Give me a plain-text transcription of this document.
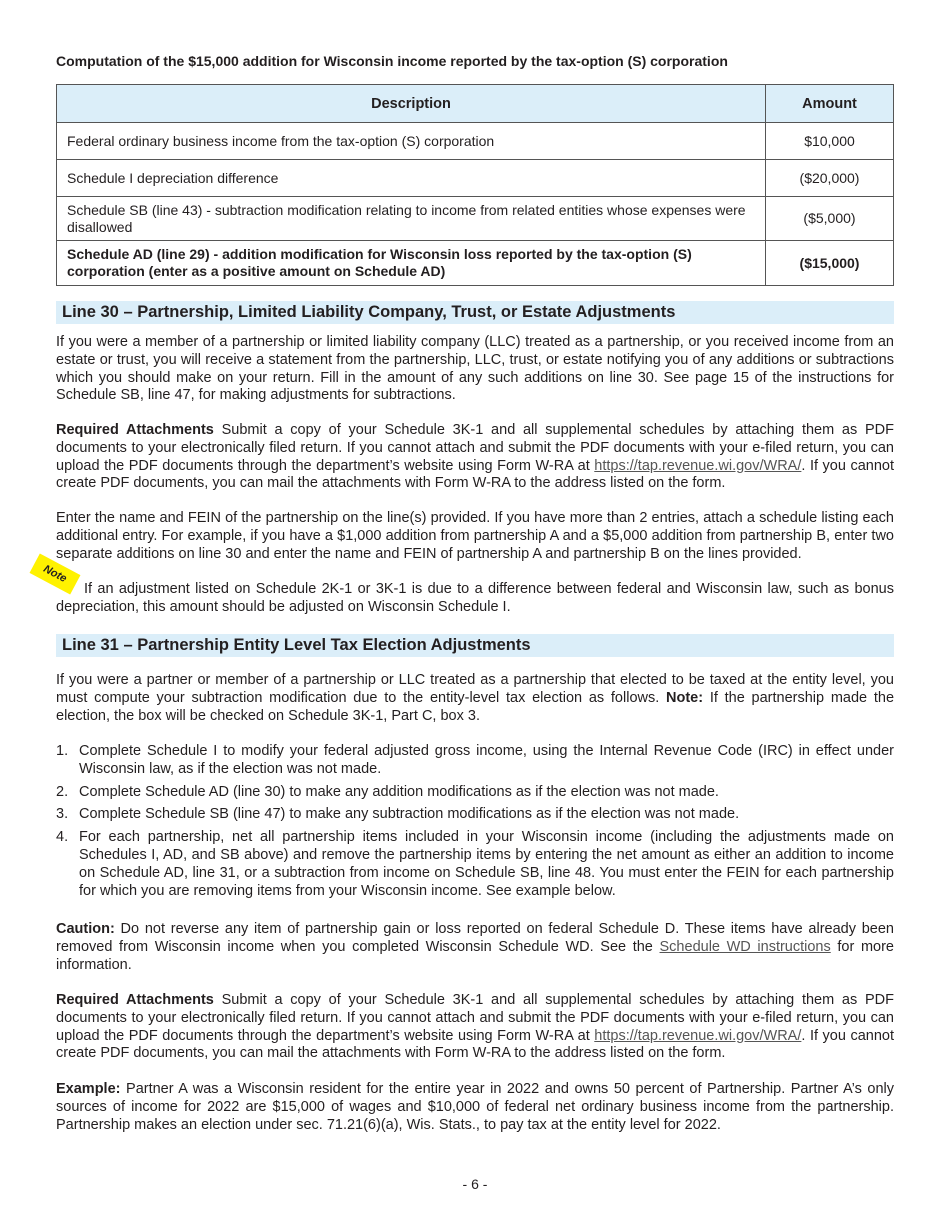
Computation of the $15,000 addition for Wisconsin income reported by the tax-option (S) corporation
Description	Amount
Federal ordinary business income from the tax-option (S) corporation	$10,000
Schedule I depreciation difference	($20,000)
Schedule SB (line 43) - subtraction modification relating to income from related entities whose expenses were disallowed	($5,000)
Schedule AD (line 29) - addition modification for Wisconsin loss reported by the tax-option (S) corporation (enter as a positive amount on Schedule AD)	($15,000)
Line 30 – Partnership, Limited Liability Company, Trust, or Estate Adjustments
If you were a member of a partnership or limited liability company (LLC) treated as a partnership, or you received income from an estate or trust, you will receive a statement from the partnership, LLC, trust, or estate notifying you of any additions or subtractions which you should make on your return. Fill in the amount of any such additions on line 30. See page 15 of the instructions for Schedule SB, line 47, for making adjustments for subtractions.
Required Attachments Submit a copy of your Schedule 3K-1 and all supplemental schedules by attaching them as PDF documents to your electronically filed return. If you cannot attach and submit the PDF documents with your e-filed return, you can upload the PDF documents through the department’s website using Form W-RA at https://tap.revenue.wi.gov/WRA/. If you cannot create PDF documents, you can mail the attachments with Form W-RA to the address listed on the form.
Enter the name and FEIN of the partnership on the line(s) provided. If you have more than 2 entries, attach a schedule listing each additional entry. For example, if you have a $1,000 addition from partnership A and a $5,000 addition from partnership B, enter two separate additions on line 30 and enter the name and FEIN of partnership A and partnership B on the lines provided.
If an adjustment listed on Schedule 2K-1 or 3K-1 is due to a difference between federal and Wisconsin law, such as bonus depreciation, this amount should be adjusted on Wisconsin Schedule I.
Line 31 – Partnership Entity Level Tax Election Adjustments
If you were a partner or member of a partnership or LLC treated as a partnership that elected to be taxed at the entity level, you must compute your subtraction modification due to the entity-level tax election as follows. Note: If the partnership made the election, the box will be checked on Schedule 3K-1, Part C, box 3.
1. Complete Schedule I to modify your federal adjusted gross income, using the Internal Revenue Code (IRC) in effect under Wisconsin law, as if the election was not made.
2. Complete Schedule AD (line 30) to make any addition modifications as if the election was not made.
3. Complete Schedule SB (line 47) to make any subtraction modifications as if the election was not made.
4. For each partnership, net all partnership items included in your Wisconsin income (including the adjustments made on Schedules I, AD, and SB above) and remove the partnership items by entering the net amount as either an addition to income on Schedule AD, line 31, or a subtraction from income on Schedule SB, line 48. You must enter the FEIN for each partnership for which you are removing items from your Wisconsin income. See example below.
Caution: Do not reverse any item of partnership gain or loss reported on federal Schedule D. These items have already been removed from Wisconsin income when you completed Wisconsin Schedule WD. See the Schedule WD instructions for more information.
Required Attachments Submit a copy of your Schedule 3K-1 and all supplemental schedules by attaching them as PDF documents to your electronically filed return. If you cannot attach and submit the PDF documents with your e-filed return, you can upload the PDF documents through the department’s website using Form W-RA at https://tap.revenue.wi.gov/WRA/. If you cannot create PDF documents, you can mail the attachments with Form W-RA to the address listed on the form.
Example: Partner A was a Wisconsin resident for the entire year in 2022 and owns 50 percent of Partnership. Partner A’s only sources of income for 2022 are $15,000 of wages and $10,000 of federal net ordinary business income from the partnership. Partnership makes an election under sec. 71.21(6)(a), Wis. Stats., to pay tax at the entity level for 2022.
Note
- 6 -
